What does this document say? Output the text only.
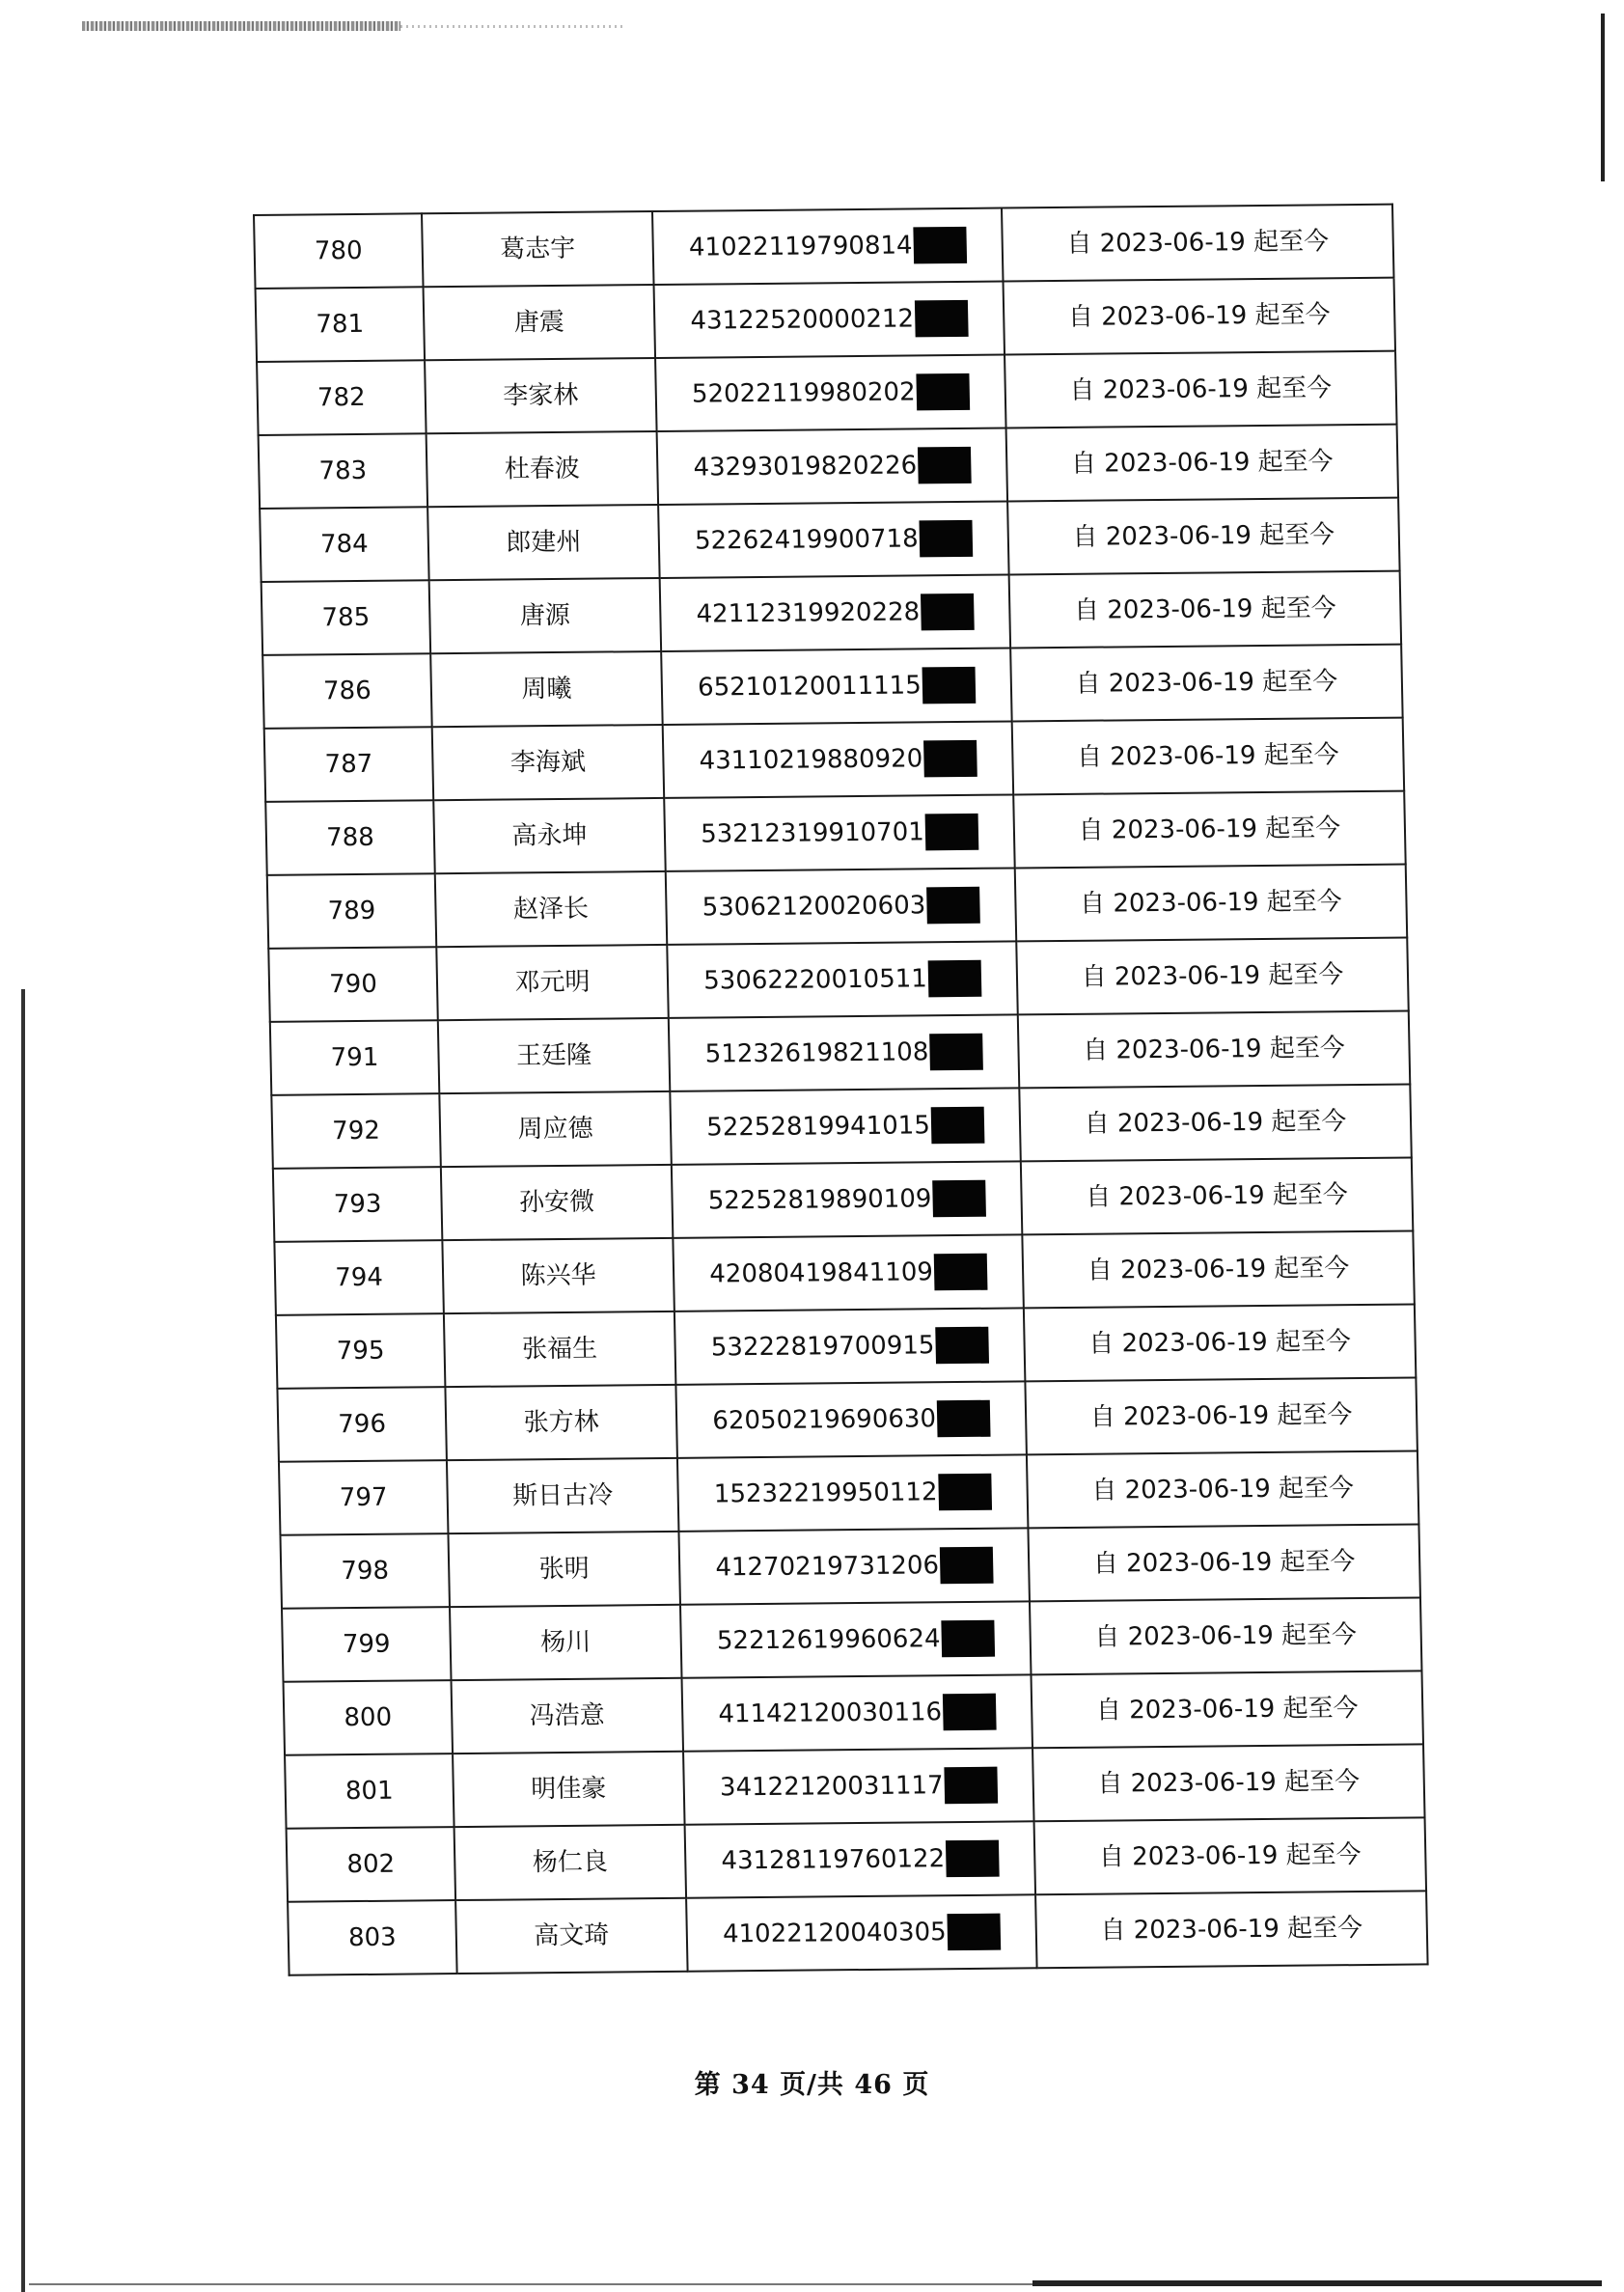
780	葛志宇	41022119790814	自 2023-06-19 起至今
781	唐震	43122520000212	自 2023-06-19 起至今
782	李家林	52022119980202	自 2023-06-19 起至今
783	杜春波	43293019820226	自 2023-06-19 起至今
784	郎建州	52262419900718	自 2023-06-19 起至今
785	唐源	42112319920228	自 2023-06-19 起至今
786	周曦	65210120011115	自 2023-06-19 起至今
787	李海斌	43110219880920	自 2023-06-19 起至今
788	高永坤	53212319910701	自 2023-06-19 起至今
789	赵泽长	53062120020603	自 2023-06-19 起至今
790	邓元明	53062220010511	自 2023-06-19 起至今
791	王廷隆	51232619821108	自 2023-06-19 起至今
792	周应德	52252819941015	自 2023-06-19 起至今
793	孙安微	52252819890109	自 2023-06-19 起至今
794	陈兴华	42080419841109	自 2023-06-19 起至今
795	张福生	53222819700915	自 2023-06-19 起至今
796	张方林	62050219690630	自 2023-06-19 起至今
797	斯日古冷	15232219950112	自 2023-06-19 起至今
798	张明	41270219731206	自 2023-06-19 起至今
799	杨川	52212619960624	自 2023-06-19 起至今
800	冯浩意	41142120030116	自 2023-06-19 起至今
801	明佳豪	34122120031117	自 2023-06-19 起至今
802	杨仁良	43128119760122	自 2023-06-19 起至今
803	高文琦	41022120040305	自 2023-06-19 起至今
第 34 页/共 46 页
